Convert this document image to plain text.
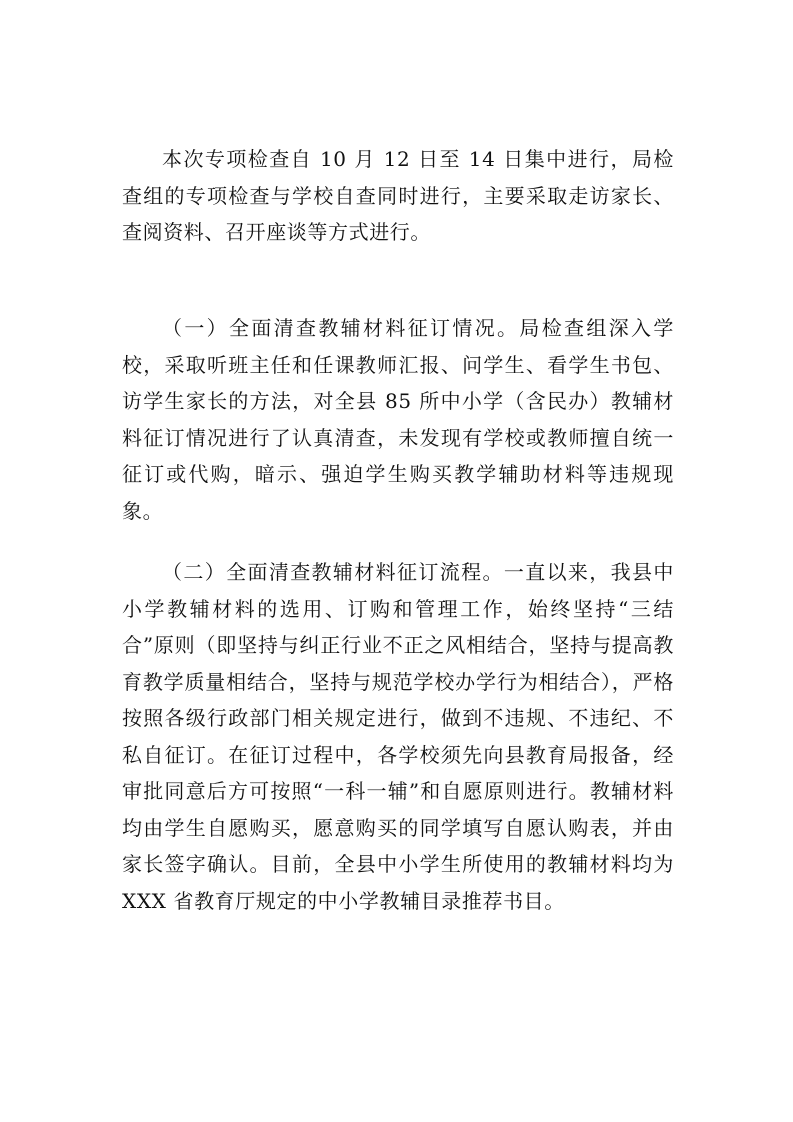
本次专项检查自 10 月 12 日至 14 日集中进行，局检查组的专项检查与学校自查同时进行，主要采取走访家长、查阅资料、召开座谈等方式进行。

（一）全面清查教辅材料征订情况。局检查组深入学校，采取听班主任和任课教师汇报、问学生、看学生书包、访学生家长的方法，对全县 85 所中小学（含民办）教辅材料征订情况进行了认真清查，未发现有学校或教师擅自统一征订或代购，暗示、强迫学生购买教学辅助材料等违规现象。

（二）全面清查教辅材料征订流程。一直以来，我县中小学教辅材料的选用、订购和管理工作，始终坚持“三结合”原则（即坚持与纠正行业不正之风相结合，坚持与提高教育教学质量相结合，坚持与规范学校办学行为相结合），严格按照各级行政部门相关规定进行，做到不违规、不违纪、不私自征订。在征订过程中，各学校须先向县教育局报备，经审批同意后方可按照“一科一辅”和自愿原则进行。教辅材料均由学生自愿购买，愿意购买的同学填写自愿认购表，并由家长签字确认。目前，全县中小学生所使用的教辅材料均为 XXX 省教育厅规定的中小学教辅目录推荐书目。
